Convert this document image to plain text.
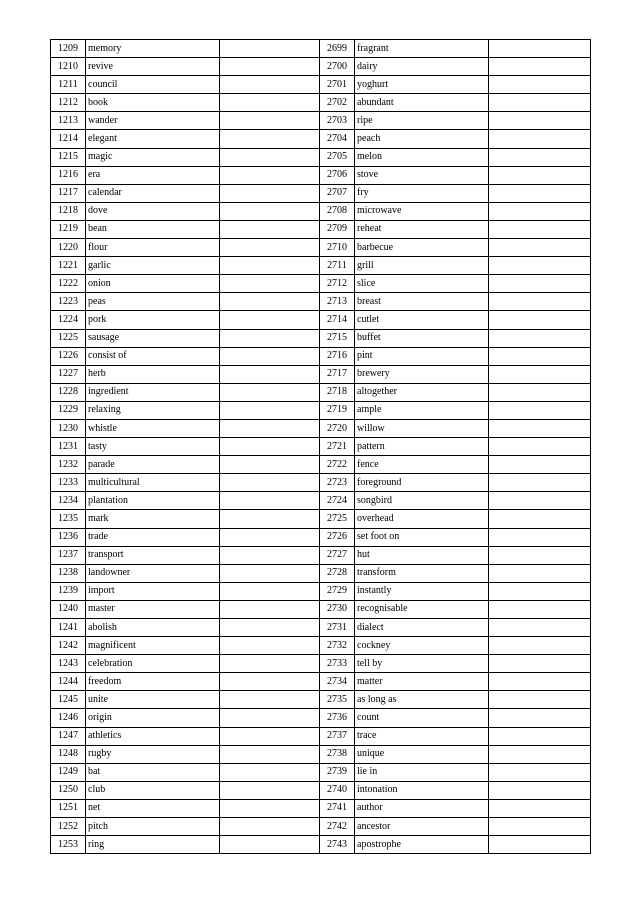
1209	memory		2699	fragrant	
1210	revive		2700	dairy	
1211	council		2701	yoghurt	
1212	book		2702	abundant	
1213	wander		2703	ripe	
1214	elegant		2704	peach	
1215	magic		2705	melon	
1216	era		2706	stove	
1217	calendar		2707	fry	
1218	dove		2708	microwave	
1219	bean		2709	reheat	
1220	flour		2710	barbecue	
1221	garlic		2711	grill	
1222	onion		2712	slice	
1223	peas		2713	breast	
1224	pork		2714	cutlet	
1225	sausage		2715	buffet	
1226	consist of		2716	pint	
1227	herb		2717	brewery	
1228	ingredient		2718	altogether	
1229	relaxing		2719	ample	
1230	whistle		2720	willow	
1231	tasty		2721	pattern	
1232	parade		2722	fence	
1233	multicultural		2723	foreground	
1234	plantation		2724	songbird	
1235	mark		2725	overhead	
1236	trade		2726	set foot on	
1237	transport		2727	hut	
1238	landowner		2728	transform	
1239	import		2729	instantly	
1240	master		2730	recognisable	
1241	abolish		2731	dialect	
1242	magnificent		2732	cockney	
1243	celebration		2733	tell by	
1244	freedom		2734	matter	
1245	unite		2735	as long as	
1246	origin		2736	count	
1247	athletics		2737	trace	
1248	rugby		2738	unique	
1249	bat		2739	lie in	
1250	club		2740	intonation	
1251	net		2741	author	
1252	pitch		2742	ancestor	
1253	ring		2743	apostrophe	
